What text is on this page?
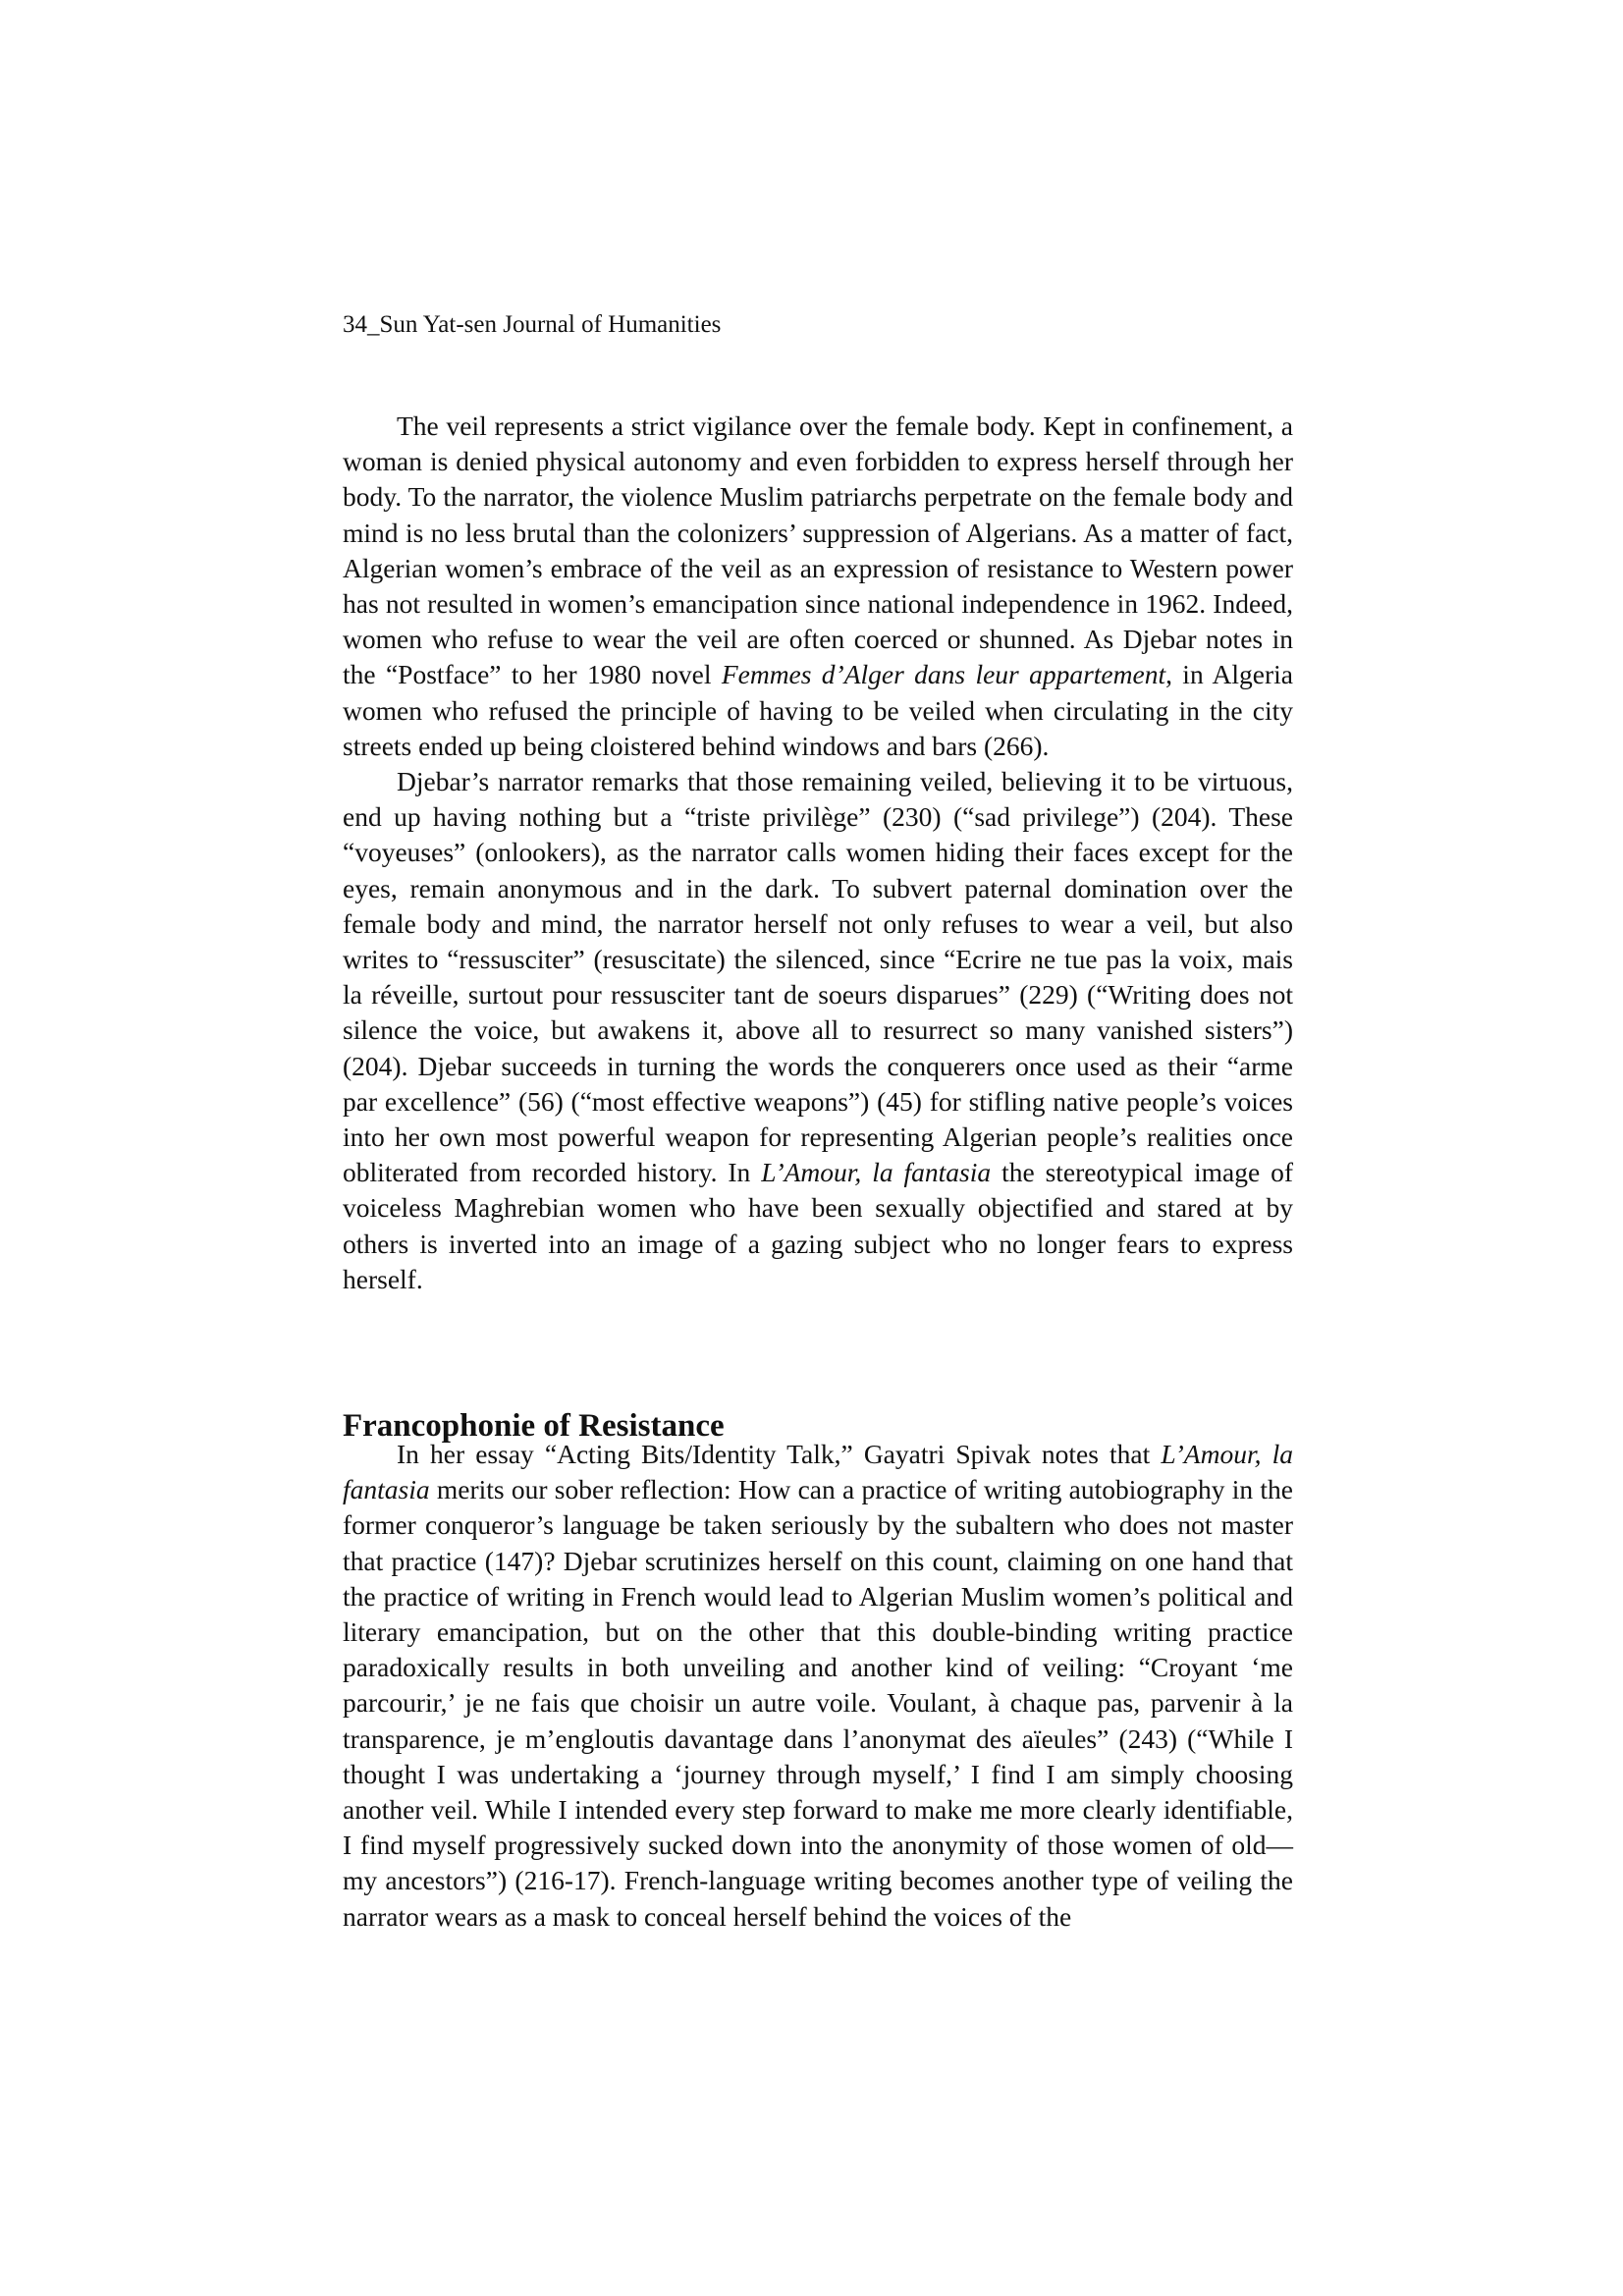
34_Sun Yat-sen Journal of Humanities

The veil represents a strict vigilance over the female body. Kept in confinement, a woman is denied physical autonomy and even forbidden to express herself through her body. To the narrator, the violence Muslim patriarchs perpetrate on the female body and mind is no less brutal than the colonizers’ suppression of Algerians. As a matter of fact, Algerian women’s embrace of the veil as an expression of resistance to Western power has not resulted in women’s emancipation since national independence in 1962. Indeed, women who refuse to wear the veil are often coerced or shunned. As Djebar notes in the “Postface” to her 1980 novel Femmes d’Alger dans leur appartement, in Algeria women who refused the principle of having to be veiled when circulating in the city streets ended up being cloistered behind windows and bars (266).

Djebar’s narrator remarks that those remaining veiled, believing it to be virtuous, end up having nothing but a “triste privilège” (230) (“sad privilege”) (204). These “voyeuses” (onlookers), as the narrator calls women hiding their faces except for the eyes, remain anonymous and in the dark. To subvert paternal domination over the female body and mind, the narrator herself not only refuses to wear a veil, but also writes to “ressusciter” (resuscitate) the silenced, since “Ecrire ne tue pas la voix, mais la réveille, surtout pour ressusciter tant de soeurs disparues” (229) (“Writing does not silence the voice, but awakens it, above all to resurrect so many vanished sisters”) (204). Djebar succeeds in turning the words the conquerers once used as their “arme par excellence” (56) (“most effective weapons”) (45) for stifling native people’s voices into her own most powerful weapon for representing Algerian people’s realities once obliterated from recorded history. In L’Amour, la fantasia the stereotypical image of voiceless Maghrebian women who have been sexually objectified and stared at by others is inverted into an image of a gazing subject who no longer fears to express herself.

Francophonie of Resistance

In her essay “Acting Bits/Identity Talk,” Gayatri Spivak notes that L’Amour, la fantasia merits our sober reflection: How can a practice of writing autobiography in the former conqueror’s language be taken seriously by the subaltern who does not master that practice (147)? Djebar scrutinizes herself on this count, claiming on one hand that the practice of writing in French would lead to Algerian Muslim women’s political and literary emancipation, but on the other that this double-binding writing practice paradoxically results in both unveiling and another kind of veiling: “Croyant ‘me parcourir,’ je ne fais que choisir un autre voile. Voulant, à chaque pas, parvenir à la transparence, je m’engloutis davantage dans l’anonymat des aïeules” (243) (“While I thought I was undertaking a ‘journey through myself,’ I find I am simply choosing another veil. While I intended every step forward to make me more clearly identifiable, I find myself progressively sucked down into the anonymity of those women of old—my ancestors”) (216-17). French-language writing becomes another type of veiling the narrator wears as a mask to conceal herself behind the voices of the
